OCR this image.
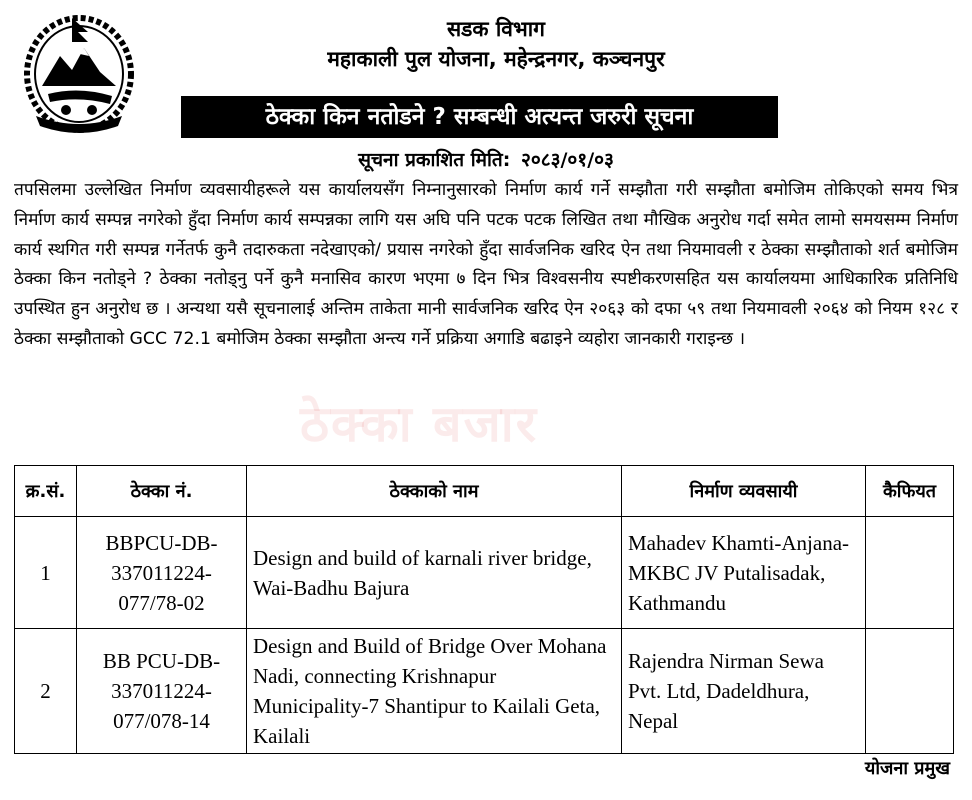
सडक विभाग
महाकाली पुल योजना, महेन्द्रनगर, कञ्चनपुर
ठेक्का किन नतोडने ? सम्बन्धी अत्यन्त जरुरी सूचना
सूचना प्रकाशित मिति: २०८३/०१/०३
तपसिलमा उल्लेखित निर्माण व्यवसायीहरूले यस कार्यालयसँग निम्नानुसारको निर्माण कार्य गर्ने सम्झौता गरी सम्झौता बमोजिम तोकिएको समय भित्र निर्माण कार्य सम्पन्न नगरेको हुँदा निर्माण कार्य सम्पन्नका लागि यस अघि पनि पटक पटक लिखित तथा मौखिक अनुरोध गर्दा समेत लामो समयसम्म निर्माण कार्य स्थगित गरी सम्पन्न गर्नेतर्फ कुनै तदारुकता नदेखाएको/ प्रयास नगरेको हुँदा सार्वजनिक खरिद ऐन तथा नियमावली र ठेक्का सम्झौताको शर्त बमोजिम ठेक्का किन नतोड्ने ? ठेक्का नतोड्नु पर्ने कुनै मनासिव कारण भएमा ७ दिन भित्र विश्वसनीय स्पष्टीकरणसहित यस कार्यालयमा आधिकारिक प्रतिनिधि उपस्थित हुन अनुरोध छ । अन्यथा यसै सूचनालाई अन्तिम ताकेता मानी सार्वजनिक खरिद ऐन २०६३ को दफा ५९ तथा नियमावली २०६४ को नियम १२८ र ठेक्का सम्झौताको GCC 72.1 बमोजिम ठेक्का सम्झौता अन्त्य गर्ने प्रक्रिया अगाडि बढाइने व्यहोरा जानकारी गराइन्छ ।
ठेक्का बजार
क्र.सं.	ठेक्का नं.	ठेक्काको नाम	निर्माण व्यवसायी	कैफियत
1	BBPCU-DB-337011224-077/78-02	Design and build of karnali river bridge, Wai-Badhu Bajura	Mahadev Khamti-Anjana-MKBC JV Putalisadak, Kathmandu	
2	BB PCU-DB-337011224-077/078-14	Design and Build of Bridge Over Mohana Nadi, connecting Krishnapur Municipality-7 Shantipur to Kailali Geta, Kailali	Rajendra Nirman Sewa Pvt. Ltd, Dadeldhura, Nepal	
योजना प्रमुख
